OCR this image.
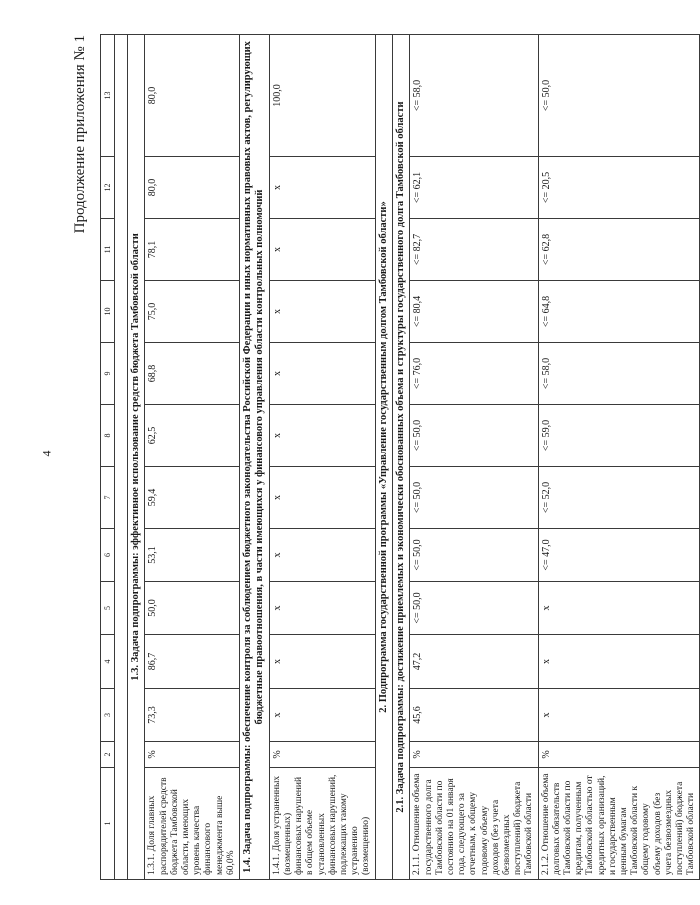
4
Продолжение приложения № 1
1	2	3	4	5	6	7	8	9	10	11	12	13

1.3. Задача подпрограммы: эффективное использование средств бюджета Тамбовской области												
1.3.1. Доля главных распорядителей средств бюджета Тамбовской области, имеющих уровень качества финансового менеджмента выше 60,0%	%	73,3	86,7	50,0	53,1	59,4	62,5	68,8	75,0	78,1	80,0	80,0
1.4. Задача подпрограммы: обеспечение контроля за соблюдением бюджетного законодательства Российской Федерации и иных нормативных правовых актов, регулирующих бюджетные правоотношения, в части имеющихся у финансового управления области контрольных полномочий												
1.4.1. Доля устраненных (возмещенных) финансовых нарушений в общем объеме установленных финансовых нарушений, подлежащих такому устранению (возмещению)	%	x	x	x	x	x	x	x	x	x	x	100,0
2. Подпрограмма государственной программы «Управление государственным долгом Тамбовской области»												
2.1. Задача подпрограммы: достижение приемлемых и экономически обоснованных объема и структуры государственного долга Тамбовской области												
2.1.1. Отношение объема государственного долга Тамбовской области по состоянию на 01 января года, следующего за отчетным, к общему годовому объему доходов (без учета безвозмездных поступлений) бюджета Тамбовской области	%	45,6	47,2	<= 50,0	<= 50,0	<= 50,0	<= 50,0	<= 76,0	<= 80,4	<= 82,7	<= 62,1	<= 58,0
2.1.2. Отношение объема долговых обязательств Тамбовской области по кредитам, полученным Тамбовской областью от кредитных организаций, и государственным ценным бумагам Тамбовской области к общему годовому объему доходов (без учета безвозмездных поступлений) бюджета Тамбовской области	%	x	x	x	<= 47,0	<= 52,0	<= 59,0	<= 58,0	<= 64,8	<= 62,8	<= 20,5	<= 50,0
